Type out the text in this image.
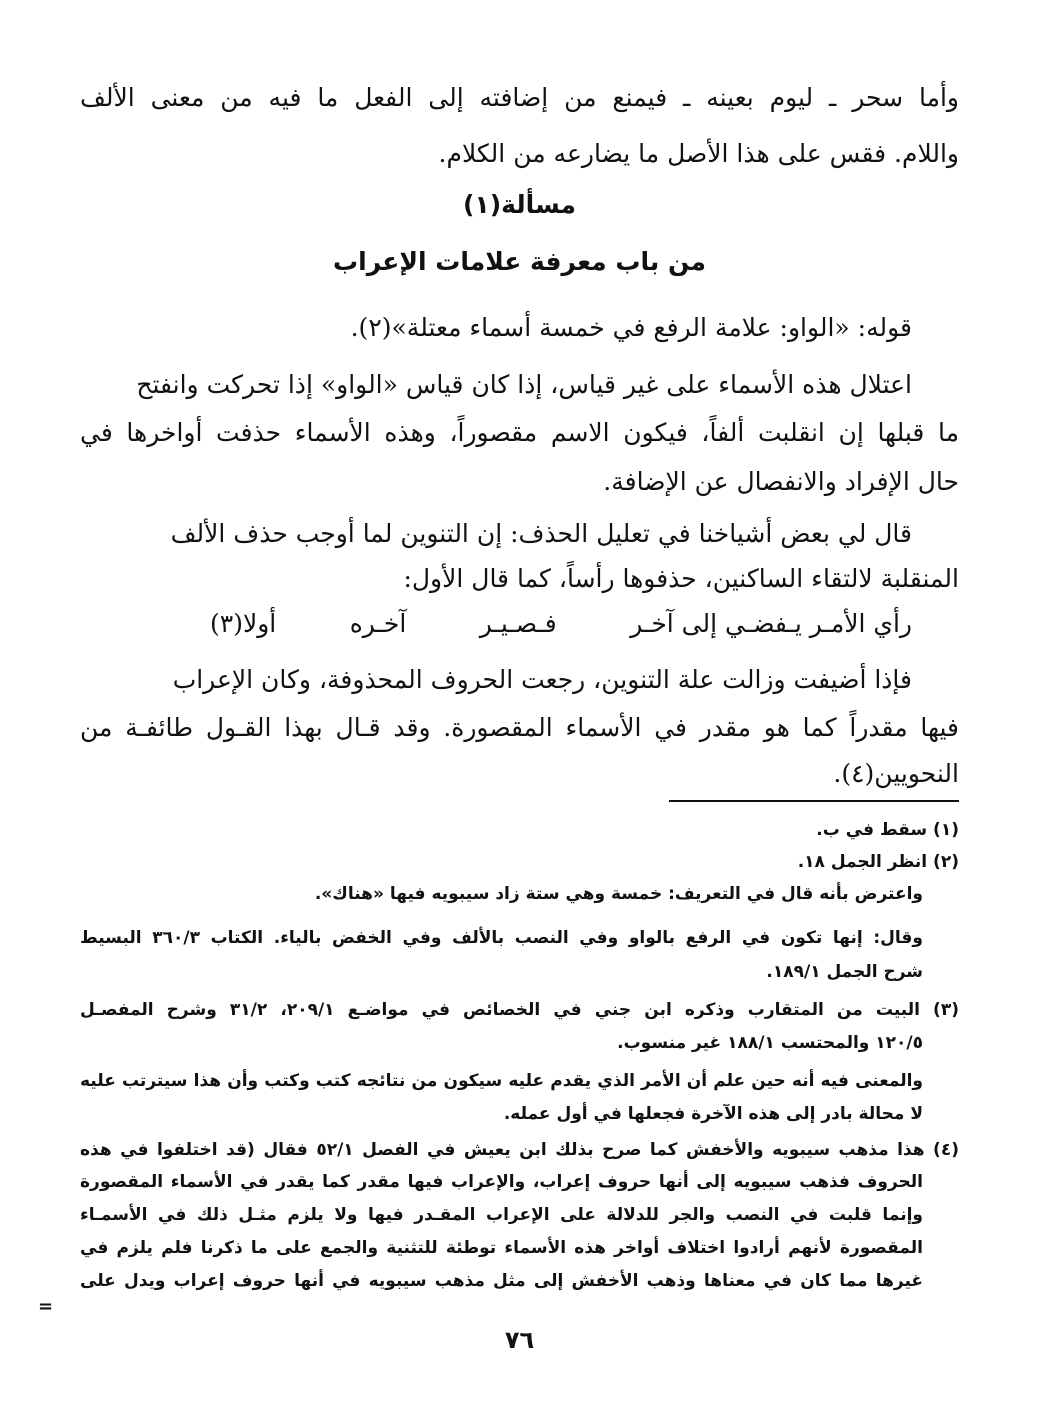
وأما سحر ـ ليوم بعينه ـ فيمنع من إضافته إلى الفعل ما فيه من معنى الألف
واللام. فقس على هذا الأصل ما يضارعه من الكلام.
مسألة(١)
من باب معرفة علامات الإعراب
قوله: «الواو: علامة الرفع في خمسة أسماء معتلة»(٢).
اعتلال هذه الأسماء على غير قياس، إذا كان قياس «الواو» إذا تحركت وانفتح
ما قبلها إن انقلبت ألفاً، فيكون الاسم مقصوراً، وهذه الأسماء حذفت أواخرها في
حال الإفراد والانفصال عن الإضافة.
قال لي بعض أشياخنا في تعليل الحذف: إن التنوين لما أوجب حذف الألف
المنقلبة لالتقاء الساكنين، حذفوها رأساً، كما قال الأول:
رأي الأمـر يـفضـي إلى آخـر
فـصـيـر
آخـره
أولا(٣)
فإذا أضيفت وزالت علة التنوين، رجعت الحروف المحذوفة، وكان الإعراب
فيها مقدراً كما هو مقدر في الأسماء المقصورة. وقد قـال بهذا القـول طائفـة من
النحويين(٤).
(١) سقط في ب.
(٢) انظر الجمل ١٨.
واعترض بأنه قال في التعريف: خمسة وهي ستة زاد سيبويه فيها «هناك».
وقال: إنها تكون في الرفع بالواو وفي النصب بالألف وفي الخفض بالياء. الكتاب ٣٦٠/٣ البسيط
شرح الجمل ١٨٩/١.
(٣) البيت من المتقارب وذكره ابن جني في الخصائص في مواضـع ٢٠٩/١، ٣١/٢ وشرح المفصـل
١٢٠/٥ والمحتسب ١٨٨/١ غير منسوب.
والمعنى فيه أنه حين علم أن الأمر الذي يقدم عليه سيكون من نتائجه كتب وكتب وأن هذا سيترتب عليه
لا محالة بادر إلى هذه الآخرة فجعلها في أول عمله.
(٤) هذا مذهب سيبويه والأخفش كما صرح بذلك ابن يعيش في الفصل ٥٢/١ فقال (قد اختلفوا في هذه
الحروف فذهب سيبويه إلى أنها حروف إعراب، والإعراب فيها مقدر كما يقدر في الأسماء المقصورة
وإنما قلبت في النصب والجر للدلالة على الإعراب المقـدر فيها ولا يلزم مثـل ذلك في الأسمـاء
المقصورة لأنهم أرادوا اختلاف أواخر هذه الأسماء توطئة للتثنية والجمع على ما ذكرنا فلم يلزم في
غيرها مما كان في معناها وذهب الأخفش إلى مثل مذهب سيبويه في أنها حروف إعراب ويدل على
=
٧٦
